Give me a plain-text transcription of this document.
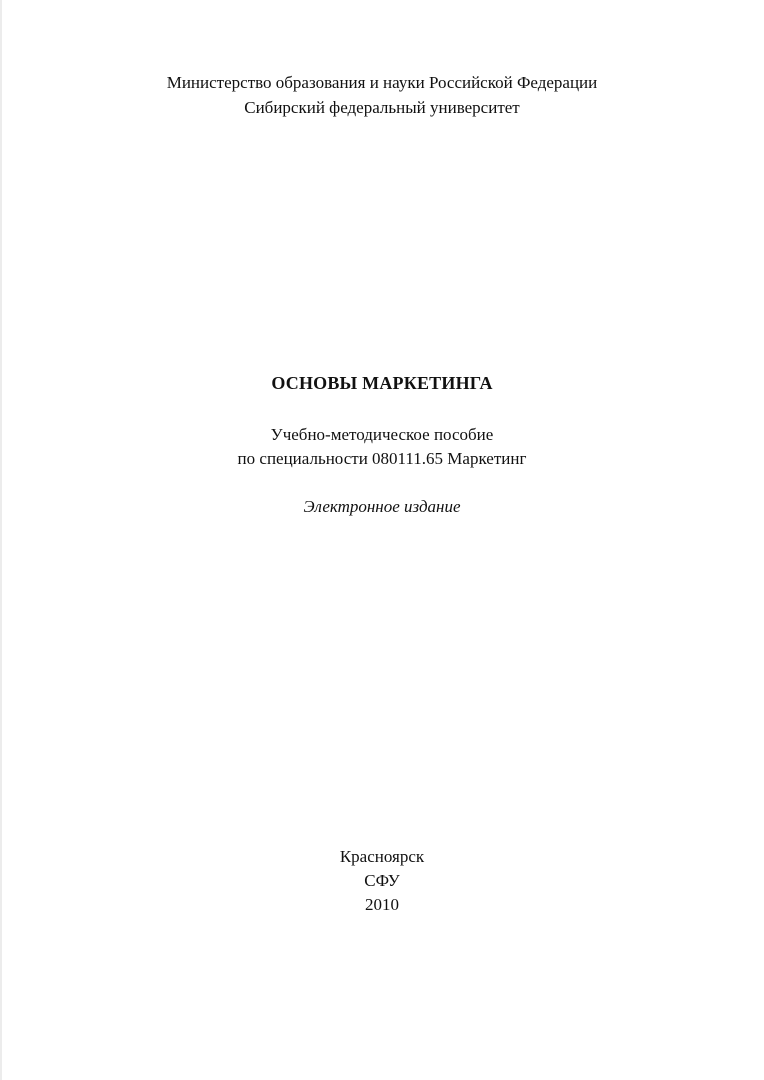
Министерство образования и науки Российской Федерации
Сибирский федеральный университет
ОСНОВЫ МАРКЕТИНГА
Учебно-методическое пособие
по специальности 080111.65 Маркетинг
Электронное издание
Красноярск
СФУ
2010
